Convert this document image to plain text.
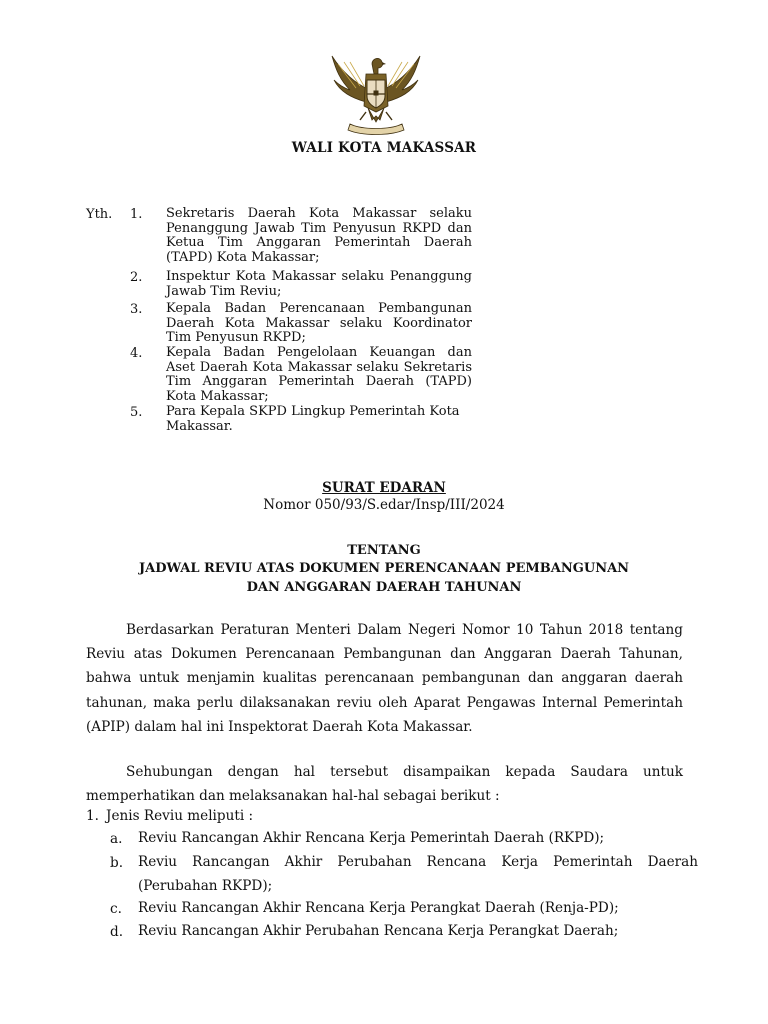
WALI KOTA MAKASSAR
Yth. 1.	Sekretaris Daerah Kota Makassar selaku Penanggung Jawab Tim Penyusun RKPD dan Ketua Tim Anggaran Pemerintah Daerah (TAPD) Kota Makassar;
2.	Inspektur Kota Makassar selaku Penanggung Jawab Tim Reviu;
3.	Kepala Badan Perencanaan Pembangunan Daerah Kota Makassar selaku Koordinator Tim Penyusun RKPD;
4.	Kepala Badan Pengelolaan Keuangan dan Aset Daerah Kota Makassar selaku Sekretaris Tim Anggaran Pemerintah Daerah (TAPD) Kota Makassar;
5.	Para Kepala SKPD Lingkup Pemerintah Kota Makassar.
SURAT EDARAN
Nomor 050/93/S.edar/Insp/III/2024
TENTANG
JADWAL REVIU ATAS DOKUMEN PERENCANAAN PEMBANGUNAN
DAN ANGGARAN DAERAH TAHUNAN
Berdasarkan Peraturan Menteri Dalam Negeri Nomor 10 Tahun 2018 tentang Reviu atas Dokumen Perencanaan Pembangunan dan Anggaran Daerah Tahunan, bahwa untuk menjamin kualitas perencanaan pembangunan dan anggaran daerah tahunan, maka perlu dilaksanakan reviu oleh Aparat Pengawas Internal Pemerintah (APIP) dalam hal ini Inspektorat Daerah Kota Makassar.
Sehubungan dengan hal tersebut disampaikan kepada Saudara untuk memperhatikan dan melaksanakan hal-hal sebagai berikut :
1. Jenis Reviu meliputi :
a. Reviu Rancangan Akhir Rencana Kerja Pemerintah Daerah (RKPD);
b. Reviu Rancangan Akhir Perubahan Rencana Kerja Pemerintah Daerah (Perubahan RKPD);
c. Reviu Rancangan Akhir Rencana Kerja Perangkat Daerah (Renja-PD);
d. Reviu Rancangan Akhir Perubahan Rencana Kerja Perangkat Daerah;
